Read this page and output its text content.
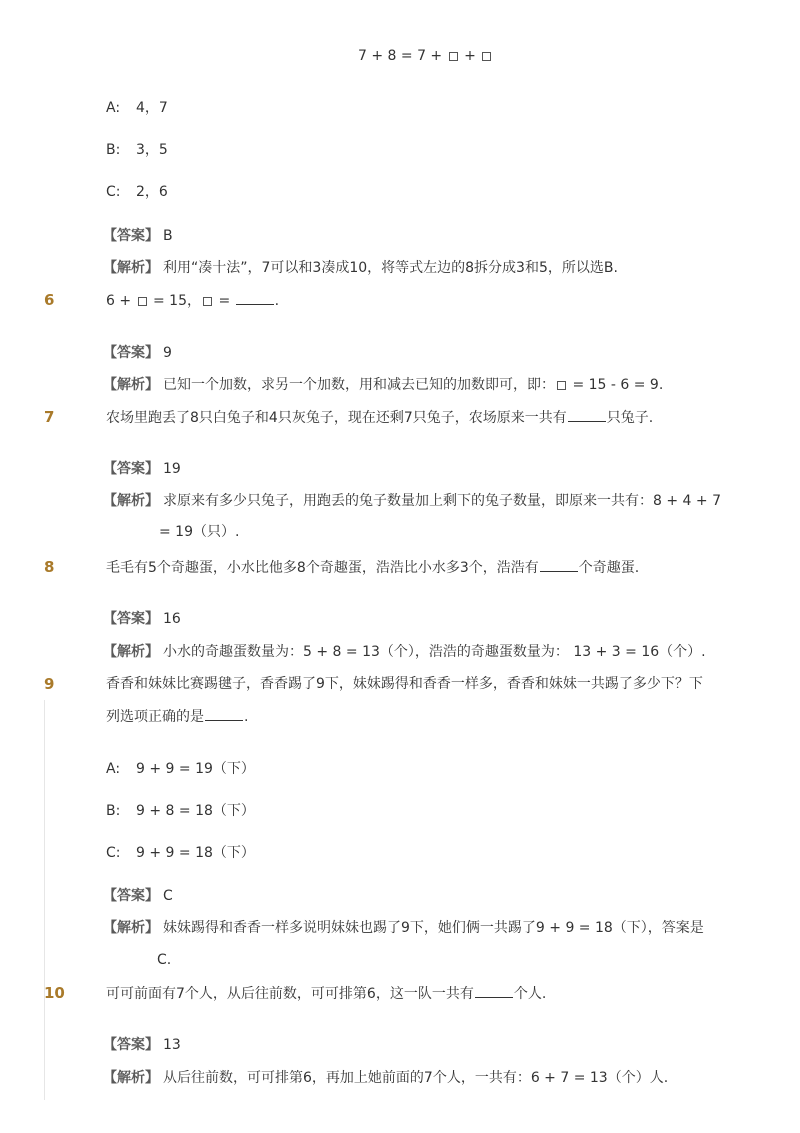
7 + 8 = 7 +  +
A: 4，7
B: 3，5
C: 2，6
【答案】 B
【解析】 利用“凑十法”，7可以和3凑成10，将等式左边的8拆分成3和5，所以选B.
6	6 +  = 15， =	.
【答案】 9
【解析】 已知一个加数，求另一个加数，用和减去已知的加数即可，即： = 15 - 6 = 9.
7	农场里跑丢了8只白兔子和4只灰兔子，现在还剩7只兔子，农场原来一共有	只兔子.
【答案】 19
【解析】 求原来有多少只兔子，用跑丢的兔子数量加上剩下的兔子数量，即原来一共有：8 + 4 + 7
= 19（只）.
8	毛毛有5个奇趣蛋，小水比他多8个奇趣蛋，浩浩比小水多3个，浩浩有	个奇趣蛋.
【答案】 16
【解析】 小水的奇趣蛋数量为：5 + 8 = 13（个），浩浩的奇趣蛋数量为： 13 + 3 = 16（个）.
9	香香和妹妹比赛踢毽子，香香踢了9下，妹妹踢得和香香一样多，香香和妹妹一共踢了多少下？下
列选项正确的是	.
A: 9 + 9 = 19（下）
B: 9 + 8 = 18（下）
C: 9 + 9 = 18（下）
【答案】 C
【解析】 妹妹踢得和香香一样多说明妹妹也踢了9下，她们俩一共踢了9 + 9 = 18（下），答案是
C.
10	可可前面有7个人，从后往前数，可可排第6，这一队一共有	个人.
【答案】 13
【解析】 从后往前数，可可排第6，再加上她前面的7个人，一共有：6 + 7 = 13（个）人.
